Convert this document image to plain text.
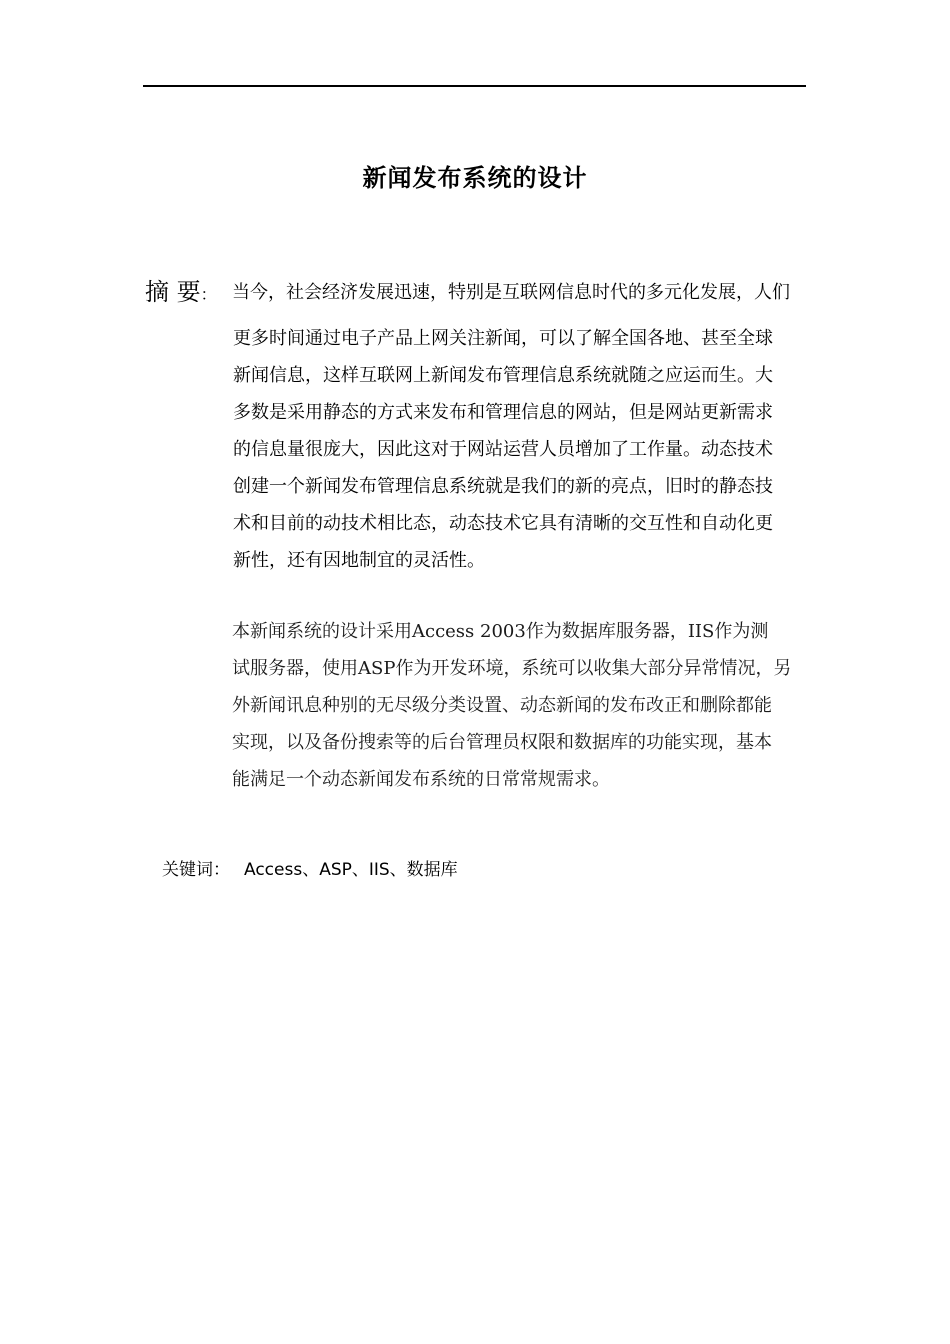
新闻发布系统的设计
摘 要： 当今，社会经济发展迅速，特别是互联网信息时代的多元化发展，人们
更多时间通过电子产品上网关注新闻，可以了解全国各地、甚至全球
新闻信息，这样互联网上新闻发布管理信息系统就随之应运而生。大
多数是采用静态的方式来发布和管理信息的网站，但是网站更新需求
的信息量很庞大，因此这对于网站运营人员增加了工作量。动态技术
创建一个新闻发布管理信息系统就是我们的新的亮点，旧时的静态技
术和目前的动技术相比态，动态技术它具有清晰的交互性和自动化更
新性，还有因地制宜的灵活性。
本新闻系统的设计采用Access 2003作为数据库服务器，IIS作为测
试服务器，使用ASP作为开发环境，系统可以收集大部分异常情况，另
外新闻讯息种别的无尽级分类设置、动态新闻的发布改正和删除都能
实现，以及备份搜索等的后台管理员权限和数据库的功能实现，基本
能满足一个动态新闻发布系统的日常常规需求。
关键词： Access、ASP、IIS、数据库
